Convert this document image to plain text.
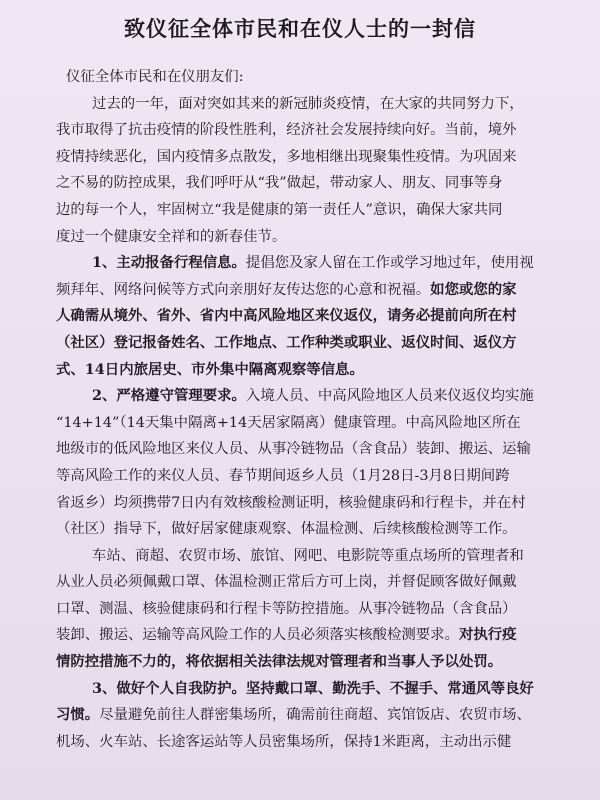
致仪征全体市民和在仪人士的一封信
仪征全体市民和在仪朋友们:
过去的一年，面对突如其来的新冠肺炎疫情，在大家的共同努力下，
我市取得了抗击疫情的阶段性胜利，经济社会发展持续向好。当前，境外
疫情持续恶化，国内疫情多点散发，多地相继出现聚集性疫情。为巩固来
之不易的防控成果，我们呼吁从“我”做起，带动家人、朋友、同事等身
边的每一个人，牢固树立“我是健康的第一责任人”意识，确保大家共同
度过一个健康安全祥和的新春佳节。
1、主动报备行程信息。提倡您及家人留在工作或学习地过年，使用视
频拜年、网络问候等方式向亲朋好友传达您的心意和祝福。如您或您的家
人确需从境外、省外、省内中高风险地区来仪返仪，请务必提前向所在村
（社区）登记报备姓名、工作地点、工作种类或职业、返仪时间、返仪方
式、14日内旅居史、市外集中隔离观察等信息。
2、严格遵守管理要求。入境人员、中高风险地区人员来仪返仪均实施
“14+14”（14天集中隔离+14天居家隔离）健康管理。中高风险地区所在
地级市的低风险地区来仪人员、从事冷链物品（含食品）装卸、搬运、运输
等高风险工作的来仪人员、春节期间返乡人员（1月28日-3月8日期间跨
省返乡）均须携带7日内有效核酸检测证明，核验健康码和行程卡，并在村
（社区）指导下，做好居家健康观察、体温检测、后续核酸检测等工作。
车站、商超、农贸市场、旅馆、网吧、电影院等重点场所的管理者和
从业人员必须佩戴口罩、体温检测正常后方可上岗，并督促顾客做好佩戴
口罩、测温、核验健康码和行程卡等防控措施。从事冷链物品（含食品）
装卸、搬运、运输等高风险工作的人员必须落实核酸检测要求。对执行疫
情防控措施不力的，将依据相关法律法规对管理者和当事人予以处罚。
3、做好个人自我防护。坚持戴口罩、勤洗手、不握手、常通风等良好
习惯。尽量避免前往人群密集场所，确需前往商超、宾馆饭店、农贸市场、
机场、火车站、长途客运站等人员密集场所，保持1米距离，主动出示健
